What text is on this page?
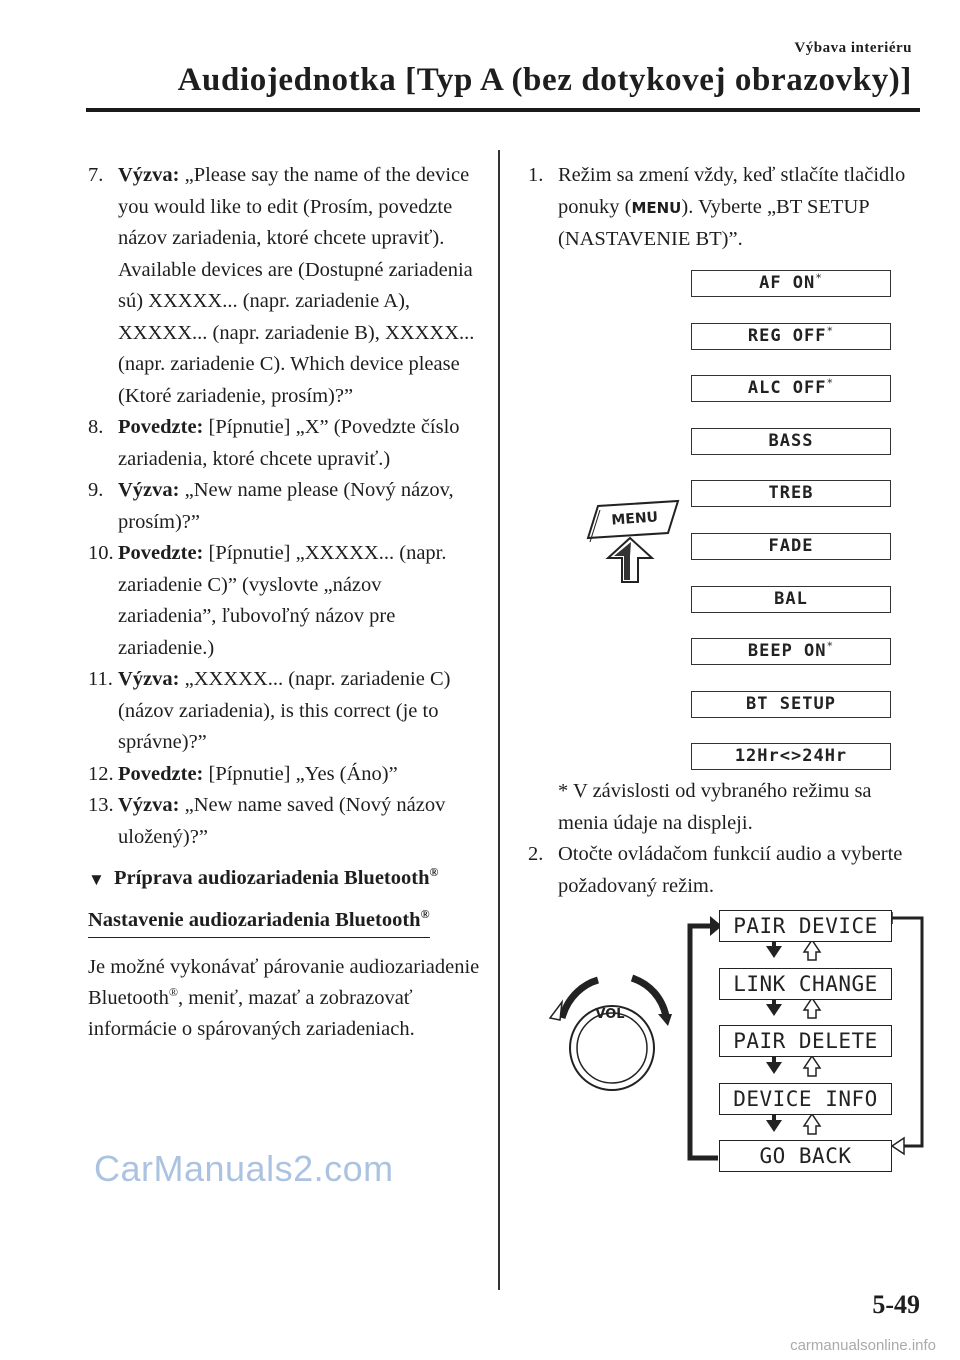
Výbava interiéru
Audiojednotka [Typ A (bez dotykovej obrazovky)]
7. Výzva: „Please say the name of the device you would like to edit (Prosím, povedzte názov zariadenia, ktoré chcete upraviť). Available devices are (Dostupné zariadenia sú) XXXXX... (napr. zariadenie A), XXXXX... (napr. zariadenie B), XXXXX... (napr. zariadenie C). Which device please (Ktoré zariadenie, prosím)?”
8. Povedzte: [Pípnutie] „X” (Povedzte číslo zariadenia, ktoré chcete upraviť.)
9. Výzva: „New name please (Nový názov, prosím)?”
10. Povedzte: [Pípnutie] „XXXXX... (napr. zariadenie C)” (vyslovte „názov zariadenia”, ľubovoľný názov pre zariadenie.)
11. Výzva: „XXXXX... (napr. zariadenie C) (názov zariadenia), is this correct (je to správne)?”
12. Povedzte: [Pípnutie] „Yes (Áno)”
13. Výzva: „New name saved (Nový názov uložený)?”
▼ Príprava audiozariadenia Bluetooth®
Nastavenie audiozariadenia Bluetooth®
Je možné vykonávať párovanie audiozariadenie Bluetooth®, meniť, mazať a zobrazovať informácie o spárovaných zariadeniach.
1. Režim sa zmení vždy, keď stlačíte tlačidlo ponuky (MENU). Vyberte „BT SETUP (NASTAVENIE BT)”.
AF ON*
REG OFF*
ALC OFF*
BASS
TREB
FADE
BAL
BEEP ON*
BT SETUP
12Hr<>24Hr
MENU
* V závislosti od vybraného režimu sa menia údaje na displeji.
2. Otočte ovládačom funkcií audio a vyberte požadovaný režim.
VOL
PAIR DEVICE
LINK CHANGE
PAIR DELETE
DEVICE INFO
GO BACK
CarManuals2.com
5-49
carmanualsonline.info
